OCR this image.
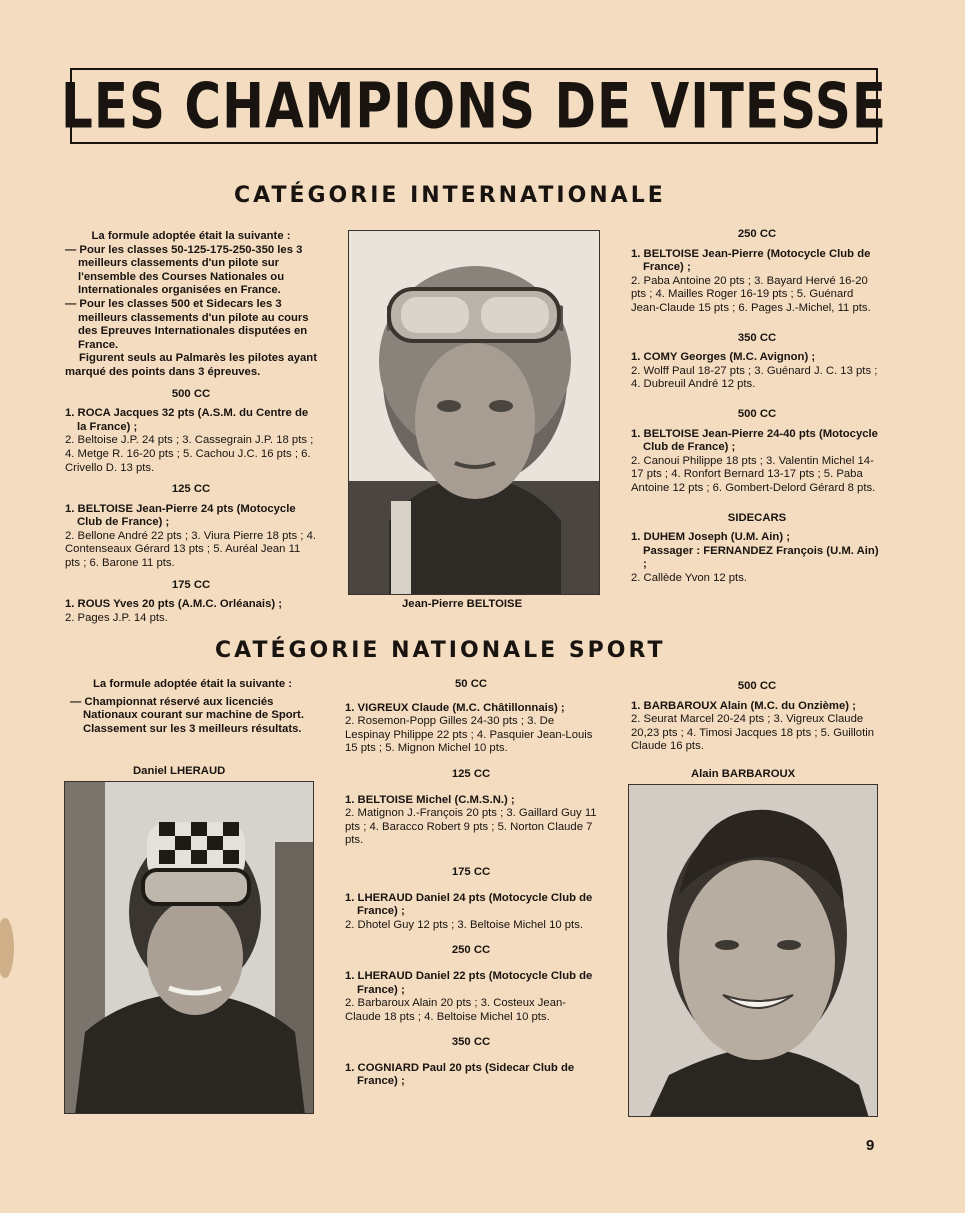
LES CHAMPIONS DE VITESSE
CATÉGORIE INTERNATIONALE

La formule adoptée était la suivante :

— Pour les classes 50-125-175-250-350 les 3 meilleurs classements d'un pilote sur l'ensemble des Courses Nationales ou Internationales organisées en France.

— Pour les classes 500 et Sidecars les 3 meilleurs classements d'un pilote au cours des Epreuves Internationales disputées en France.

Figurent seuls au Palmarès les pilotes ayant marqué des points dans 3 épreuves.

500 CC

1. ROCA Jacques 32 pts (A.S.M. du Centre de la France) ;

2. Beltoise J.P. 24 pts ; 3. Cassegrain J.P. 18 pts ; 4. Metge R. 16-20 pts ; 5. Cachou J.C. 16 pts ; 6. Crivello D. 13 pts.

125 CC

1. BELTOISE Jean-Pierre 24 pts (Motocycle Club de France) ;

2. Bellone André 22 pts ; 3. Viura Pierre 18 pts ; 4. Contenseaux Gérard 13 pts ; 5. Auréal Jean 11 pts ; 6. Barone 11 pts.

175 CC

1. ROUS Yves 20 pts (A.M.C. Orléanais) ;

2. Pages J.P. 14 pts.

Jean-Pierre BELTOISE

250 CC

1. BELTOISE Jean-Pierre (Motocycle Club de France) ;

2. Paba Antoine 20 pts ; 3. Bayard Hervé 16-20 pts ; 4. Mailles Roger 16-19 pts ; 5. Guénard Jean-Claude 15 pts ; 6. Pages J.-Michel, 11 pts.

350 CC

1. COMY Georges (M.C. Avignon) ;

2. Wolff Paul 18-27 pts ; 3. Guénard J. C. 13 pts ; 4. Dubreuil André 12 pts.

500 CC

1. BELTOISE Jean-Pierre 24-40 pts (Motocycle Club de France) ;

2. Canoui Philippe 18 pts ; 3. Valentin Michel 14-17 pts ; 4. Ronfort Bernard 13-17 pts ; 5. Paba Antoine 12 pts ; 6. Gombert-Delord Gérard 8 pts.

SIDECARS

1. DUHEM Joseph (U.M. Ain) ;

Passager : FERNANDEZ François (U.M. Ain) ;

2. Callède Yvon 12 pts.

CATÉGORIE NATIONALE SPORT

La formule adoptée était la suivante :

— Championnat réservé aux licenciés Nationaux courant sur machine de Sport. Classement sur les 3 meilleurs résultats.

Daniel LHERAUD

50 CC

1. VIGREUX Claude (M.C. Châtillonnais) ;

2. Rosemon-Popp Gilles 24-30 pts ; 3. De Lespinay Philippe 22 pts ; 4. Pasquier Jean-Louis 15 pts ; 5. Mignon Michel 10 pts.

125 CC

1. BELTOISE Michel (C.M.S.N.) ;

2. Matignon J.-François 20 pts ; 3. Gaillard Guy 11 pts ; 4. Baracco Robert 9 pts ; 5. Norton Claude 7 pts.

175 CC

1. LHERAUD Daniel 24 pts (Motocycle Club de France) ;

2. Dhotel Guy 12 pts ; 3. Beltoise Michel 10 pts.

250 CC

1. LHERAUD Daniel 22 pts (Motocycle Club de France) ;

2. Barbaroux Alain 20 pts ; 3. Costeux Jean-Claude 18 pts ; 4. Beltoise Michel 10 pts.

350 CC

1. COGNIARD Paul 20 pts (Sidecar Club de France) ;

500 CC

1. BARBAROUX Alain (M.C. du Onzième) ;

2. Seurat Marcel 20-24 pts ; 3. Vigreux Claude 20,23 pts ; 4. Timosi Jacques 18 pts ; 5. Guillotin Claude 16 pts.

Alain BARBAROUX
9
